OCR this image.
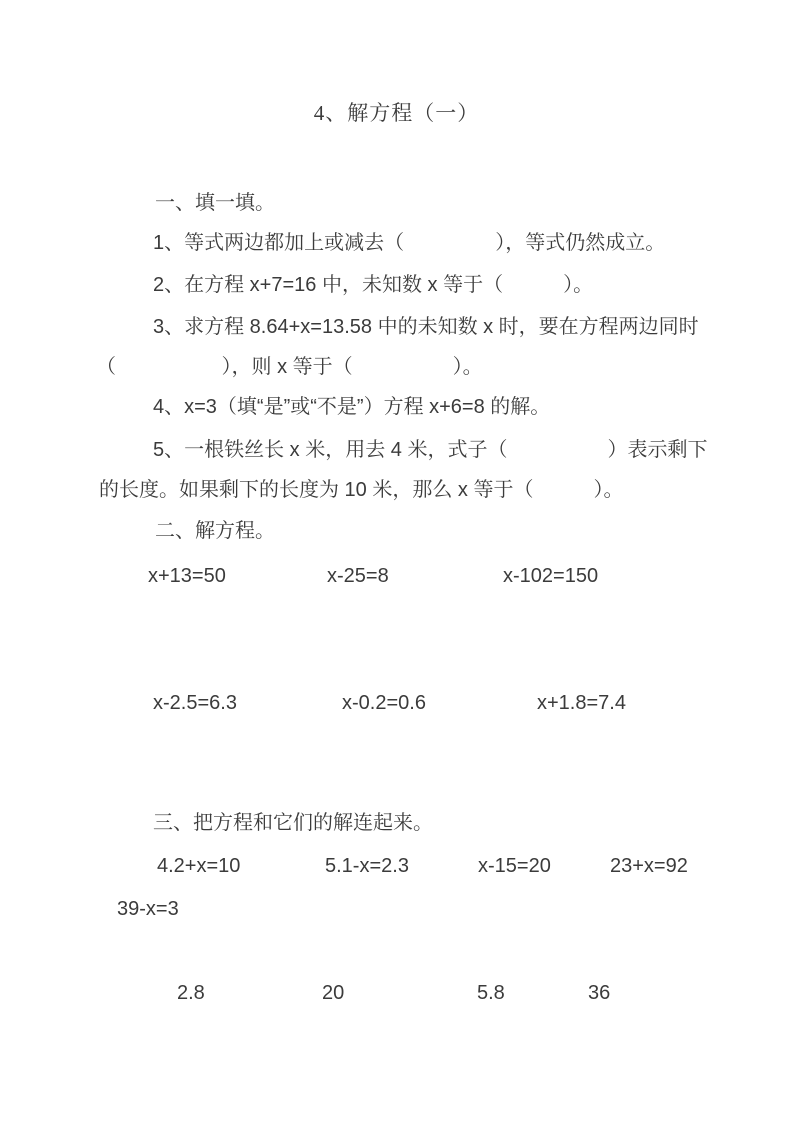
4、解方程（一）
一、填一填。
1、等式两边都加上或减去（　　　　  ），等式仍然成立。
2、在方程 x+7=16 中，未知数 x 等于（　　　）。
3、求方程 8.64+x=13.58 中的未知数 x 时，要在方程两边同时
（　　　　　 ），则 x 等于（　　　　　）。
4、x=3（填“是”或“不是”）方程 x+6=8 的解。
5、一根铁丝长 x 米，用去 4 米，式子（　　　　　）表示剩下
的长度。如果剩下的长度为 10 米，那么 x 等于（　　　）。
二、解方程。
x+13=50	x-25=8	x-102=150
x-2.5=6.3	x-0.2=0.6	x+1.8=7.4
三、把方程和它们的解连起来。
4.2+x=10	5.1-x=2.3	x-15=20	23+x=92
39-x=3
2.8	20	5.8	36
